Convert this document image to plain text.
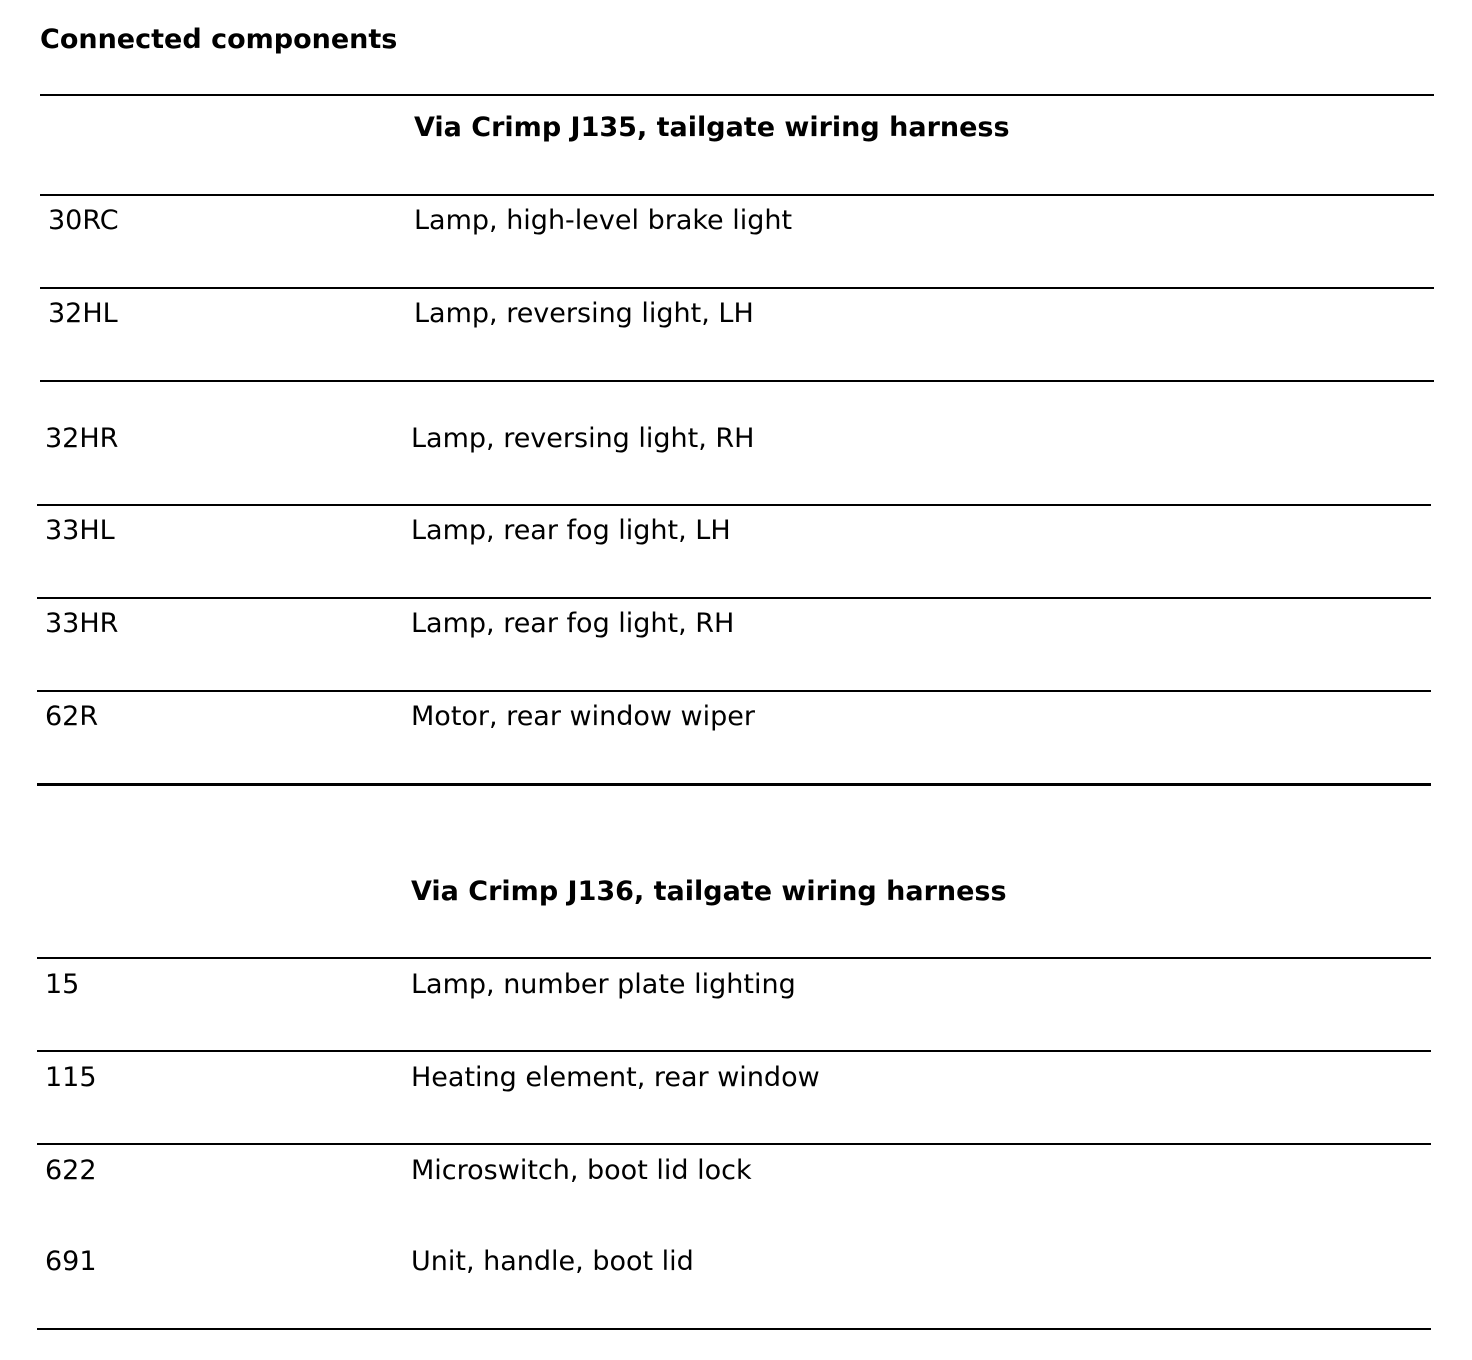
Connected components
Via Crimp J135, tailgate wiring harness
30RC	Lamp, high-level brake light
32HL	Lamp, reversing light, LH
32HR	Lamp, reversing light, RH
33HL	Lamp, rear fog light, LH
33HR	Lamp, rear fog light, RH
62R	Motor, rear window wiper
Via Crimp J136, tailgate wiring harness
15	Lamp, number plate lighting
115	Heating element, rear window
622	Microswitch, boot lid lock
691	Unit, handle, boot lid
